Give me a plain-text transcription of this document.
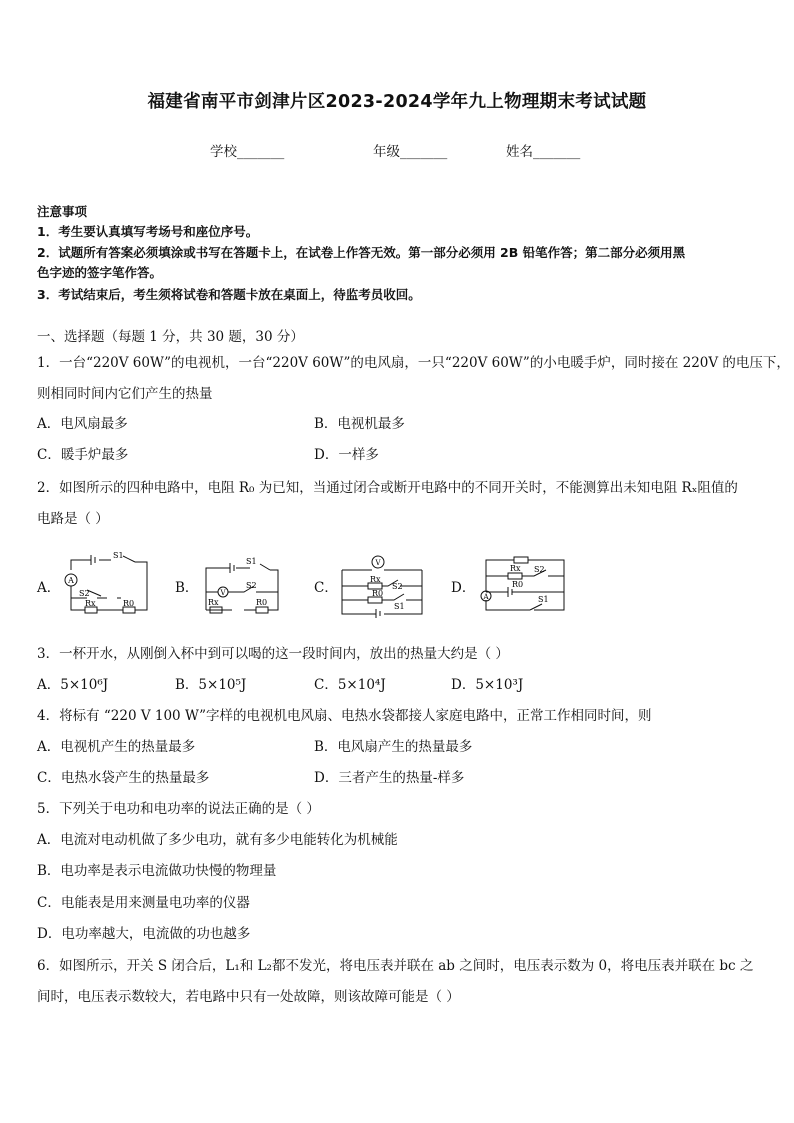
福建省南平市剑津片区2023-2024学年九上物理期末考试试题
学校_______	年级_______	姓名_______
注意事项
1．考生要认真填写考场号和座位序号。
2．试题所有答案必须填涂或书写在答题卡上，在试卷上作答无效。第一部分必须用 2B 铅笔作答；第二部分必须用黑
色字迹的签字笔作答。
3．考试结束后，考生须将试卷和答题卡放在桌面上，待监考员收回。
一、选择题（每题 1 分，共 30 题，30 分）
1．一台“220V 60W”的电视机，一台“220V 60W”的电风扇，一只“220V 60W”的小电暖手炉，同时接在 220V 的电压下，
则相同时间内它们产生的热量
A．电风扇最多	B．电视机最多
C．暖手炉最多	D．一样多
2．如图所示的四种电路中，电阻 R₀ 为已知，当通过闭合或断开电路中的不同开关时，不能测算出未知电阻 Rₓ阻值的
电路是（ ）
A． A
S1
S2
Rx	R0
B．	V
S1
S2
Rx	R0
C．
V
Rx
S2
R0
S1
D．
A
Rx S2
R0
S1
3．一杯开水，从刚倒入杯中到可以喝的这一段时间内，放出的热量大约是（ ）
A．5×10⁶J	B．5×10⁵J	C．5×10⁴J	D．5×10³J
4．将标有 “220 V 100 W”字样的电视机电风扇、电热水袋都接人家庭电路中，正常工作相同时间，则
A．电视机产生的热量最多	B．电风扇产生的热量最多
C．电热水袋产生的热量最多	D．三者产生的热量-样多
5．下列关于电功和电功率的说法正确的是（ ）
A．电流对电动机做了多少电功，就有多少电能转化为机械能
B．电功率是表示电流做功快慢的物理量
C．电能表是用来测量电功率的仪器
D．电功率越大，电流做的功也越多
6．如图所示，开关 S 闭合后，L₁和 L₂都不发光，将电压表并联在 ab 之间时，电压表示数为 0，将电压表并联在 bc 之
间时，电压表示数较大，若电路中只有一处故障，则该故障可能是（ ）
